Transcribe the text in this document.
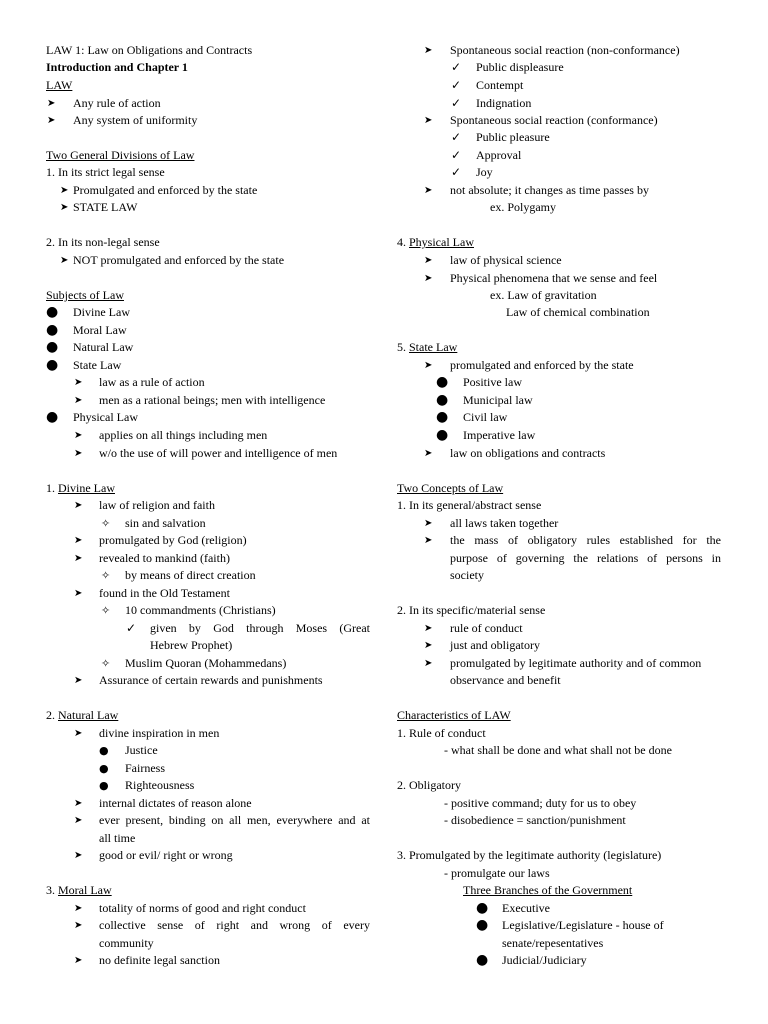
LAW 1: Law on Obligations and Contracts
Introduction and Chapter 1
LAW
➤ Any rule of action
➤ Any system of uniformity
Two General Divisions of Law
1. In its strict legal sense
➤ Promulgated and enforced by the state
➤ STATE LAW
2. In its non-legal sense
➤ NOT promulgated and enforced by the state
Subjects of Law
● Divine Law
● Moral Law
● Natural Law
● State Law
➤ law as a rule of action
➤ men as a rational beings; men with intelligence
● Physical Law
➤ applies on all things including men
➤ w/o the use of will power and intelligence of men
1. Divine Law
➤ law of religion and faith
✧ sin and salvation
➤ promulgated by God (religion)
➤ revealed to mankind (faith)
✧ by means of direct creation
➤ found in the Old Testament
✧ 10 commandments (Christians)
✓ given by God through Moses (Great
Hebrew Prophet)
✧ Muslim Quoran (Mohammedans)
➤ Assurance of certain rewards and punishments
2. Natural Law
➤ divine inspiration in men
● Justice
● Fairness
● Righteousness
➤ internal dictates of reason alone
➤ ever present, binding on all men, everywhere and at
all time
➤ good or evil/ right or wrong
3. Moral Law
➤ totality of norms of good and right conduct
➤ collective sense of right and wrong of every
community
➤ no definite legal sanction
➤ Spontaneous social reaction (non-conformance)
✓ Public displeasure
✓ Contempt
✓ Indignation
➤ Spontaneous social reaction (conformance)
✓ Public pleasure
✓ Approval
✓ Joy
➤ not absolute; it changes as time passes by
ex. Polygamy
4. Physical Law
➤ law of physical science
➤ Physical phenomena that we sense and feel
ex. Law of gravitation
Law of chemical combination
5. State Law
➤ promulgated and enforced by the state
● Positive law
● Municipal law
● Civil law
● Imperative law
➤ law on obligations and contracts
Two Concepts of Law
1. In its general/abstract sense
➤ all laws taken together
➤ the mass of obligatory rules established for the
purpose of governing the relations of persons in
society
2. In its specific/material sense
➤ rule of conduct
➤ just and obligatory
➤ promulgated by legitimate authority and of common
observance and benefit
Characteristics of LAW
1. Rule of conduct
- what shall be done and what shall not be done
2. Obligatory
- positive command; duty for us to obey
- disobedience = sanction/punishment
3. Promulgated by the legitimate authority (legislature)
- promulgate our laws
Three Branches of the Government
● Executive
● Legislative/Legislature - house of
senate/repesentatives
● Judicial/Judiciary
